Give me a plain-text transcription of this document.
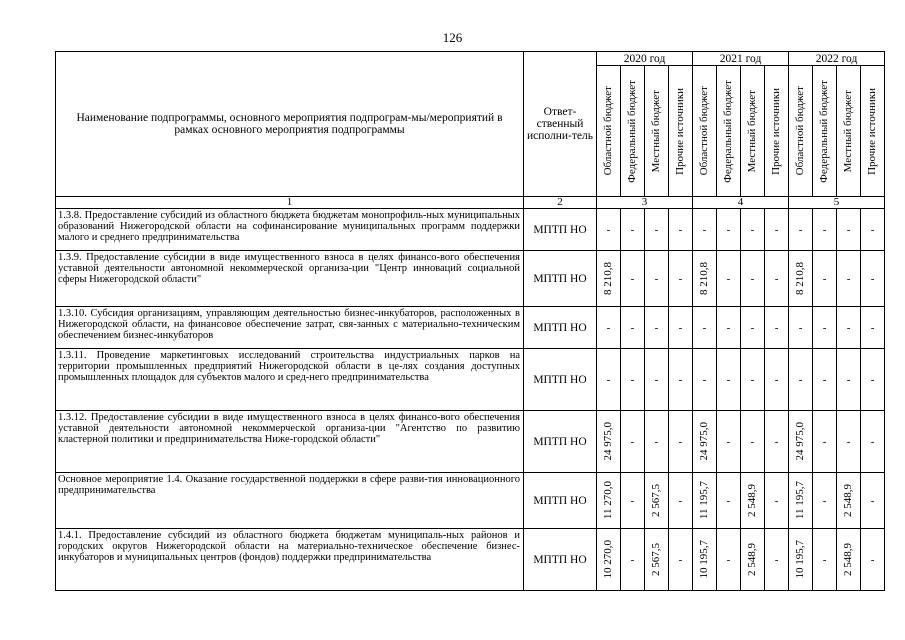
126
Наименование подпрограммы, основного мероприятия подпрограм-мы/мероприятий в рамках основного мероприятия подпрограммы	Ответ-ственный исполни-тель	2020 год				2021 год				2022 год			

		Областной бюджет	Федеральный бюджет	Местный бюджет	Прочие источники	Областной бюджет	Федеральный бюджет	Местный бюджет	Прочие источники	Областной бюджет	Федеральный бюджет	Местный бюджет	Прочие источники

1	2	3				4				5			
1.3.8. Предоставление субсидий из областного бюджета бюджетам монопрофиль-ных муниципальных образований Нижегородской области на софинансирование муниципальных программ поддержки малого и среднего предпринимательства	МПТП НО	-	-	-	-	-	-	-	-	-	-	-	-

1.3.9. Предоставление субсидии в виде имущественного взноса в целях финансо-вого обеспечения уставной деятельности автономной некоммерческой организа-ции "Центр инноваций социальной сферы Нижегородской области"	МПТП НО	8 210,8	-	-	-	8 210,8	-	-	-	8 210,8	-	-	-

1.3.10. Субсидия организациям, управляющим деятельностью бизнес-инкубаторов, расположенных в Нижегородской области, на финансовое обеспечение затрат, свя-занных с материально-техническим обеспечением бизнес-инкубаторов	МПТП НО	-	-	-	-	-	-	-	-	-	-	-	-

1.3.11. Проведение маркетинговых исследований строительства индустриальных парков на территории промышленных предприятий Нижегородской области в це-лях создания доступных промышленных площадок для субъектов малого и сред-него предпринимательства	МПТП НО	-	-	-	-	-	-	-	-	-	-	-	-

1.3.12. Предоставление субсидии в виде имущественного взноса в целях финансо-вого обеспечения уставной деятельности автономной некоммерческой организа-ции "Агентство по развитию кластерной политики и предпринимательства Ниже-городской области"	МПТП НО	24 975,0	-	-	-	24 975,0	-	-	-	24 975,0	-	-	-

Основное мероприятие 1.4. Оказание государственной поддержки в сфере разви-тия инновационного предпринимательства	МПТП НО	11 270,0	-	2 567,5	-	11 195,7	-	2 548,9	-	11 195,7	-	2 548,9	-

1.4.1. Предоставление субсидий из областного бюджета бюджетам муниципаль-ных районов и городских округов Нижегородской области на материально-техническое обеспечение бизнес-инкубаторов и муниципальных центров (фондов) поддержки предпринимательства	МПТП НО	10 270,0	-	2 567,5	-	10 195,7	-	2 548,9	-	10 195,7	-	2 548,9	-
